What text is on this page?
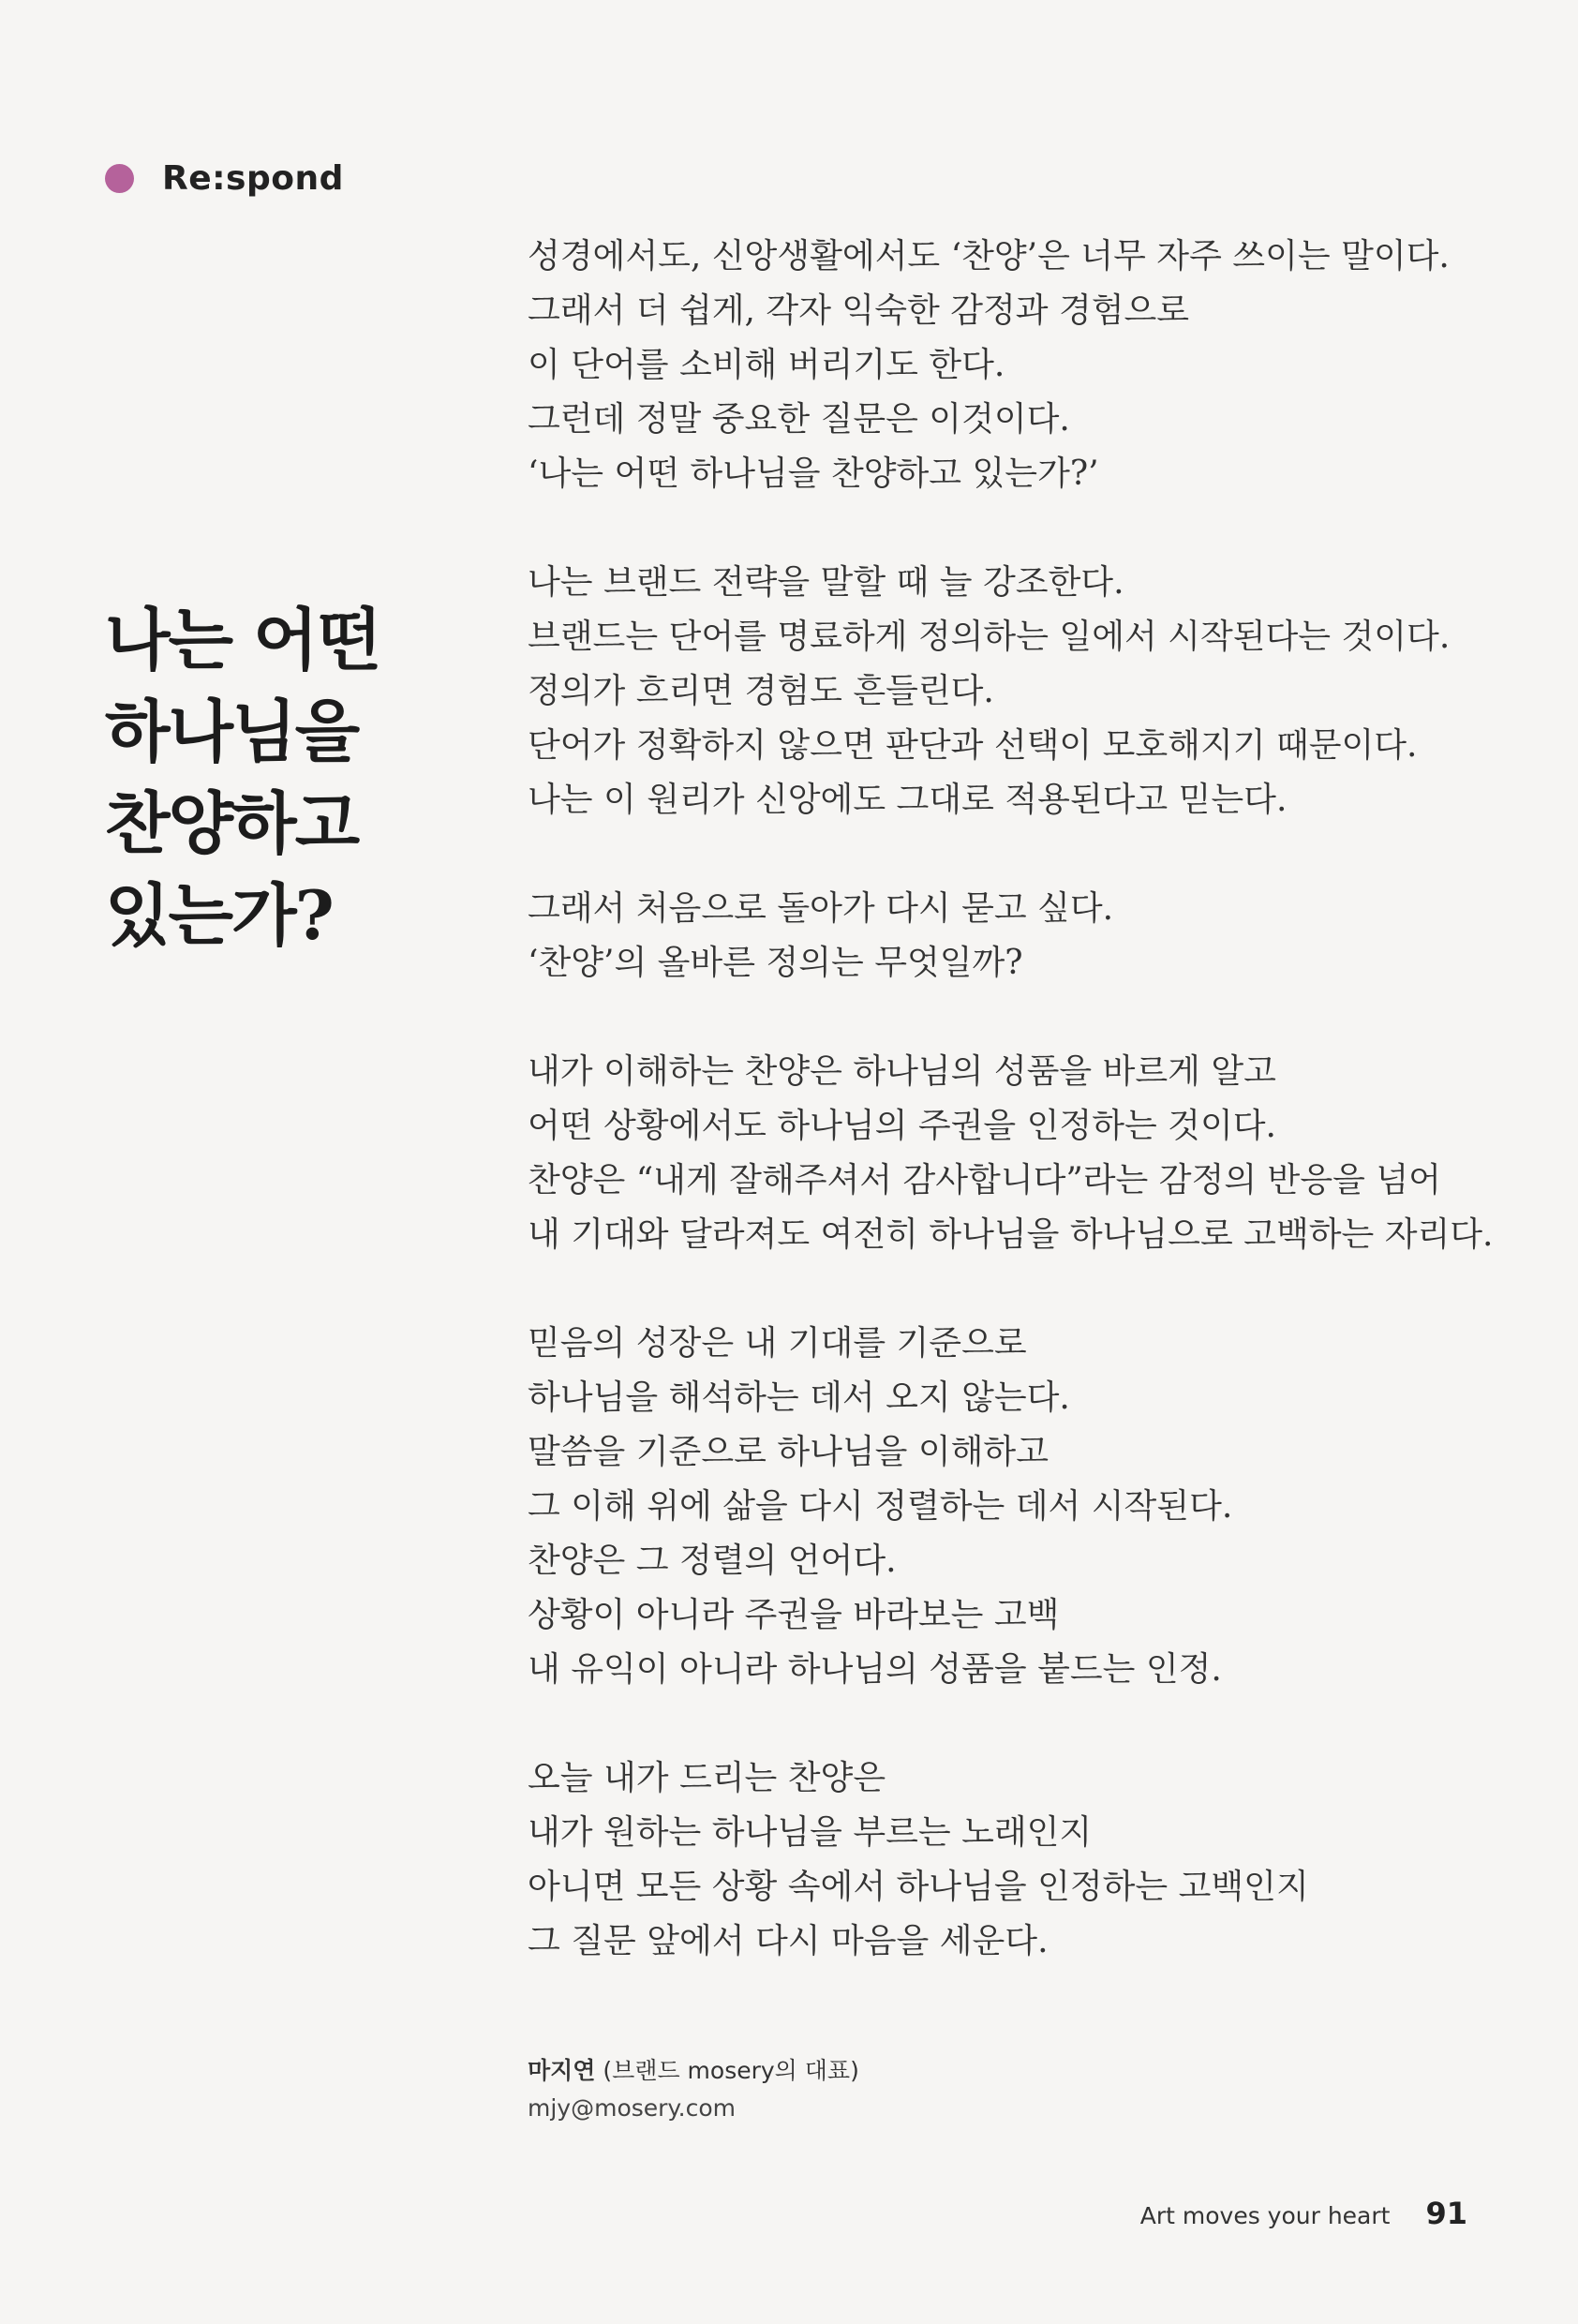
Re:spond
나는 어떤
하나님을
찬양하고
있는가?

성경에서도, 신앙생활에서도 ‘찬양’은 너무 자주 쓰이는 말이다.
그래서 더 쉽게, 각자 익숙한 감정과 경험으로
이 단어를 소비해 버리기도 한다.
그런데 정말 중요한 질문은 이것이다.
‘나는 어떤 하나님을 찬양하고 있는가?’

나는 브랜드 전략을 말할 때 늘 강조한다.
브랜드는 단어를 명료하게 정의하는 일에서 시작된다는 것이다.
정의가 흐리면 경험도 흔들린다.
단어가 정확하지 않으면 판단과 선택이 모호해지기 때문이다.
나는 이 원리가 신앙에도 그대로 적용된다고 믿는다.

그래서 처음으로 돌아가 다시 묻고 싶다.
‘찬양’의 올바른 정의는 무엇일까?

내가 이해하는 찬양은 하나님의 성품을 바르게 알고
어떤 상황에서도 하나님의 주권을 인정하는 것이다.
찬양은 “내게 잘해주셔서 감사합니다”라는 감정의 반응을 넘어
내 기대와 달라져도 여전히 하나님을 하나님으로 고백하는 자리다.

믿음의 성장은 내 기대를 기준으로
하나님을 해석하는 데서 오지 않는다.
말씀을 기준으로 하나님을 이해하고
그 이해 위에 삶을 다시 정렬하는 데서 시작된다.
찬양은 그 정렬의 언어다.
상황이 아니라 주권을 바라보는 고백
내 유익이 아니라 하나님의 성품을 붙드는 인정.

오늘 내가 드리는 찬양은
내가 원하는 하나님을 부르는 노래인지
아니면 모든 상황 속에서 하나님을 인정하는 고백인지
그 질문 앞에서 다시 마음을 세운다.

마지연 (브랜드 mosery의 대표)
mjy@mosery.com
Art moves your heart 91
